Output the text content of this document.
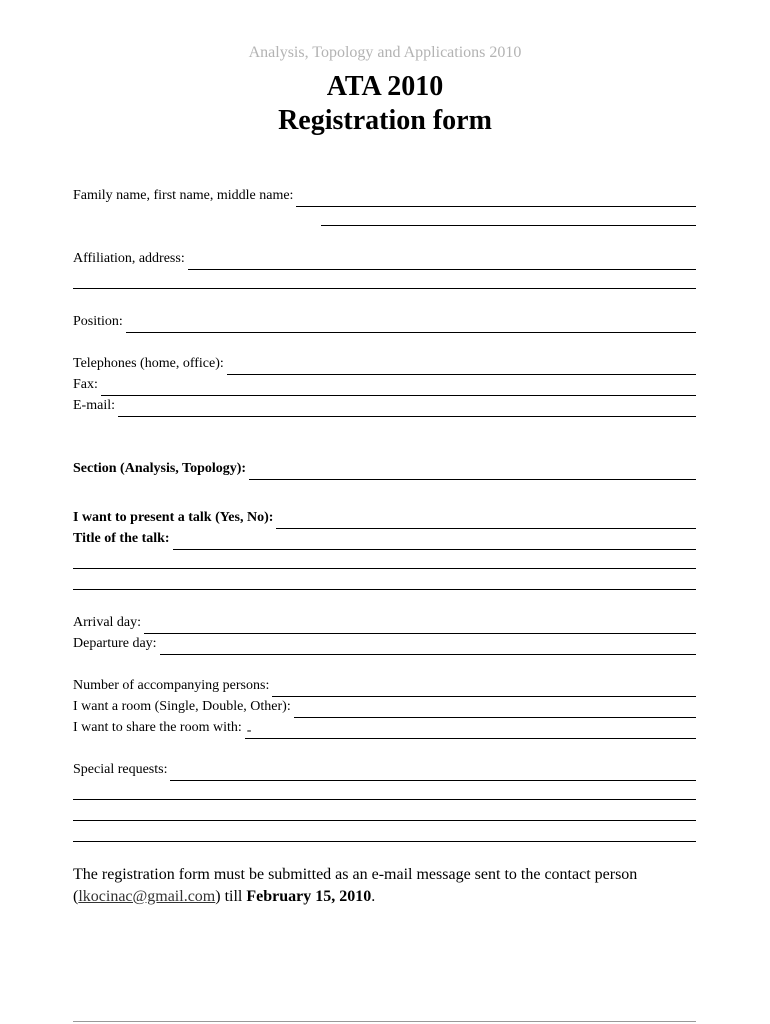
Analysis, Topology and Applications 2010
ATA 2010
Registration form
Family name, first name, middle name:
Affiliation, address:
Position:
Telephones (home, office):
Fax:
E-mail:
Section (Analysis, Topology):
I want to present a talk (Yes, No):
Title of the talk:
Arrival day:
Departure day:
Number of accompanying persons:
I want a room (Single, Double, Other):
I want to share the room with: -
Special requests:
The registration form must be submitted as an e-mail message sent to the contact person
(lkocinac@gmail.com) till February 15, 2010.
